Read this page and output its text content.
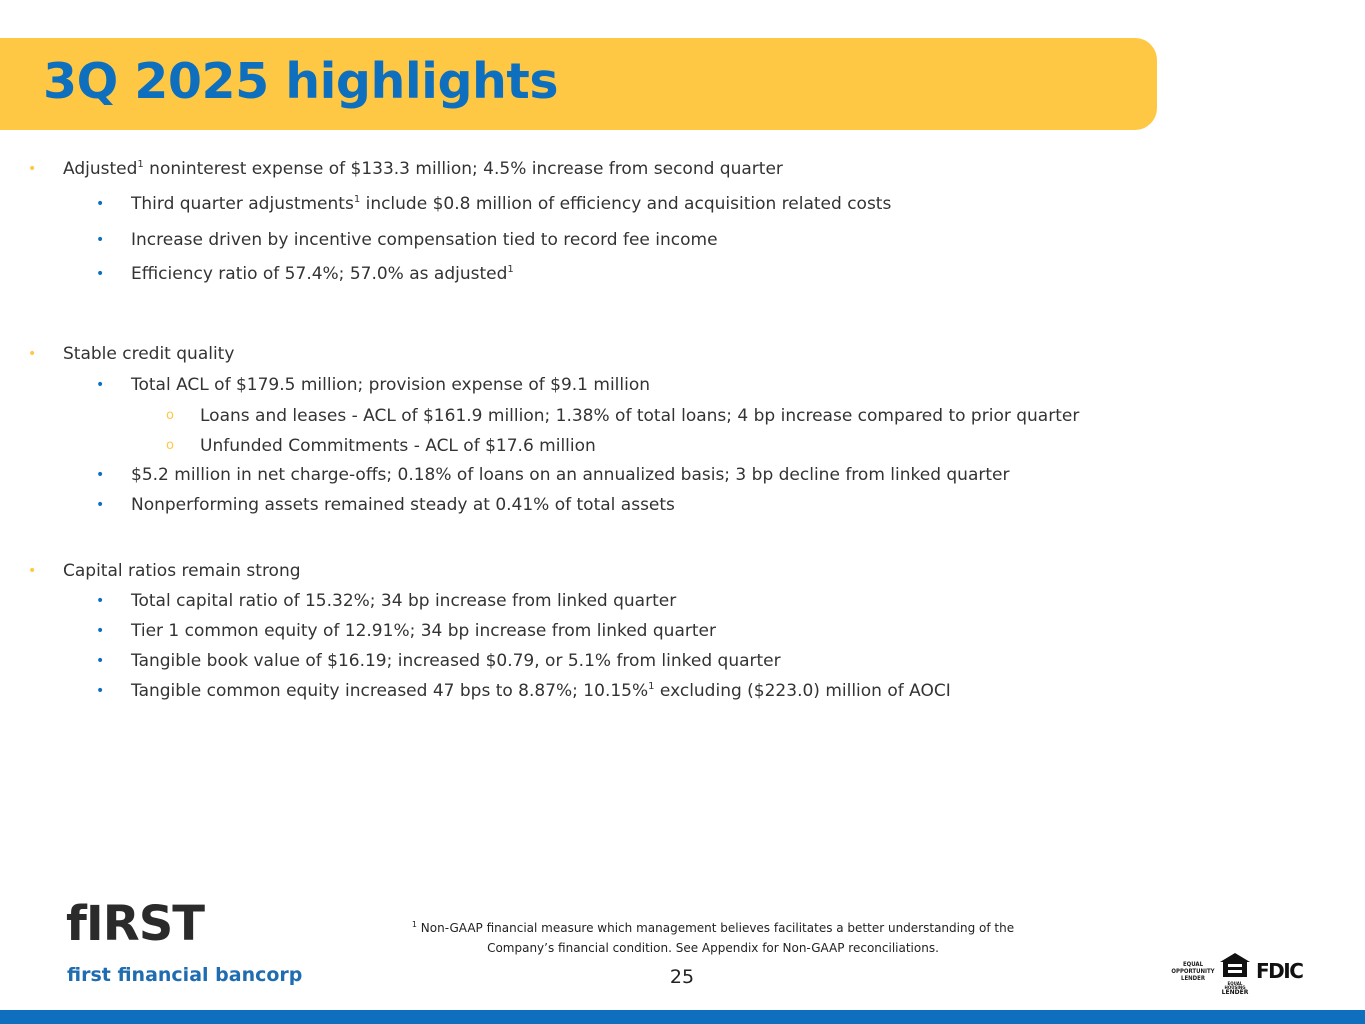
3Q 2025 highlights
• Adjusted$^1$ noninterest expense of $133.3 million; 4.5% increase from second quarter
• Third quarter adjustments$^1$ include $0.8 million of efficiency and acquisition related costs
• Increase driven by incentive compensation tied to record fee income
• Efficiency ratio of 57.4%; 57.0% as adjusted$^1$
• Stable credit quality
• Total ACL of $179.5 million; provision expense of $9.1 million
o Loans and leases - ACL of $161.9 million; 1.38% of total loans; 4 bp increase compared to prior quarter
o Unfunded Commitments - ACL of $17.6 million
• $5.2 million in net charge-offs; 0.18% of loans on an annualized basis; 3 bp decline from linked quarter
• Nonperforming assets remained steady at 0.41% of total assets
• Capital ratios remain strong
• Total capital ratio of 15.32%; 34 bp increase from linked quarter
• Tier 1 common equity of 12.91%; 34 bp increase from linked quarter
• Tangible book value of $16.19; increased $0.79, or 5.1% from linked quarter
• Tangible common equity increased 47 bps to 8.87%; 10.15%$^1$ excluding ($223.0) million of AOCI
fIRST
first financial bancorp
$^1$ Non-GAAP financial measure which management believes facilitates a better understanding of the
Company’s financial condition. See Appendix for Non-GAAP reconciliations.
25
EQUAL
OPPORTUNITY
LENDER
EQUAL HOUSING
LENDER
FDIC
